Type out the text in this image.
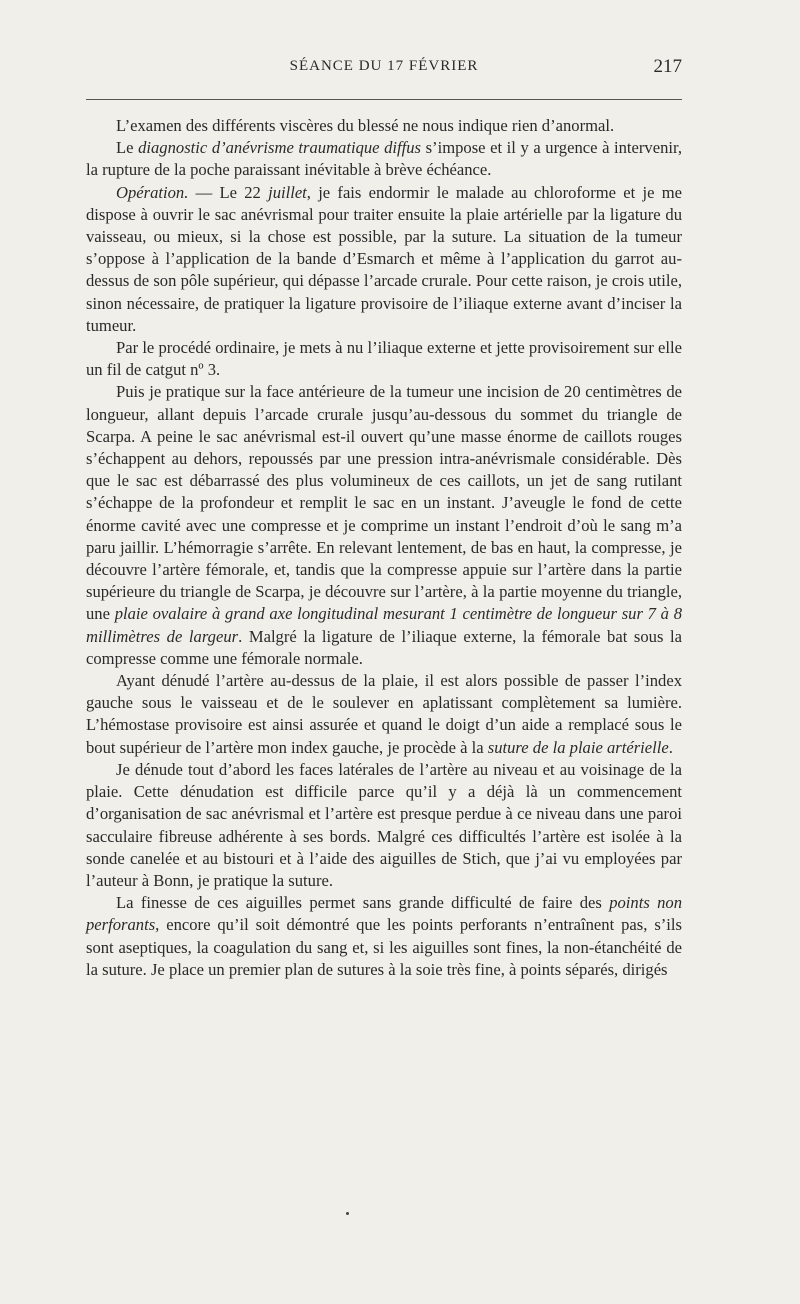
SÉANCE DU 17 FÉVRIER	217

L’examen des différents viscères du blessé ne nous indique rien d’anormal.

Le diagnostic d’anévrisme traumatique diffus s’impose et il y a urgence à intervenir, la rupture de la poche paraissant inévitable à brève échéance.

Opération. — Le 22 juillet, je fais endormir le malade au chloroforme et je me dispose à ouvrir le sac anévrismal pour traiter ensuite la plaie artérielle par la ligature du vaisseau, ou mieux, si la chose est possible, par la suture. La situation de la tumeur s’oppose à l’application de la bande d’Esmarch et même à l’application du garrot au-dessus de son pôle supérieur, qui dépasse l’arcade crurale. Pour cette raison, je crois utile, sinon nécessaire, de pratiquer la ligature provisoire de l’iliaque externe avant d’inciser la tumeur.

Par le procédé ordinaire, je mets à nu l’iliaque externe et jette provisoirement sur elle un fil de catgut nº 3.

Puis je pratique sur la face antérieure de la tumeur une incision de 20 centimètres de longueur, allant depuis l’arcade crurale jusqu’au-dessous du sommet du triangle de Scarpa. A peine le sac anévrismal est-il ouvert qu’une masse énorme de caillots rouges s’échappent au dehors, repoussés par une pression intra-anévrismale considérable. Dès que le sac est débarrassé des plus volumineux de ces caillots, un jet de sang rutilant s’échappe de la profondeur et remplit le sac en un instant. J’aveugle le fond de cette énorme cavité avec une compresse et je comprime un instant l’endroit d’où le sang m’a paru jaillir. L’hémorragie s’arrête. En relevant lentement, de bas en haut, la compresse, je découvre l’artère fémorale, et, tandis que la compresse appuie sur l’artère dans la partie supérieure du triangle de Scarpa, je découvre sur l’artère, à la partie moyenne du triangle, une plaie ovalaire à grand axe longitudinal mesurant 1 centimètre de longueur sur 7 à 8 millimètres de largeur. Malgré la ligature de l’iliaque externe, la fémorale bat sous la compresse comme une fémorale normale.

Ayant dénudé l’artère au-dessus de la plaie, il est alors possible de passer l’index gauche sous le vaisseau et de le soulever en aplatissant complètement sa lumière. L’hémostase provisoire est ainsi assurée et quand le doigt d’un aide a remplacé sous le bout supérieur de l’artère mon index gauche, je procède à la suture de la plaie artérielle.

Je dénude tout d’abord les faces latérales de l’artère au niveau et au voisinage de la plaie. Cette dénudation est difficile parce qu’il y a déjà là un commencement d’organisation de sac anévrismal et l’artère est presque perdue à ce niveau dans une paroi sacculaire fibreuse adhérente à ses bords. Malgré ces difficultés l’artère est isolée à la sonde canelée et au bistouri et à l’aide des aiguilles de Stich, que j’ai vu employées par l’auteur à Bonn, je pratique la suture.

La finesse de ces aiguilles permet sans grande difficulté de faire des points non perforants, encore qu’il soit démontré que les points perforants n’entraînent pas, s’ils sont aseptiques, la coagulation du sang et, si les aiguilles sont fines, la non-étanchéité de la suture. Je place un premier plan de sutures à la soie très fine, à points séparés, dirigés
